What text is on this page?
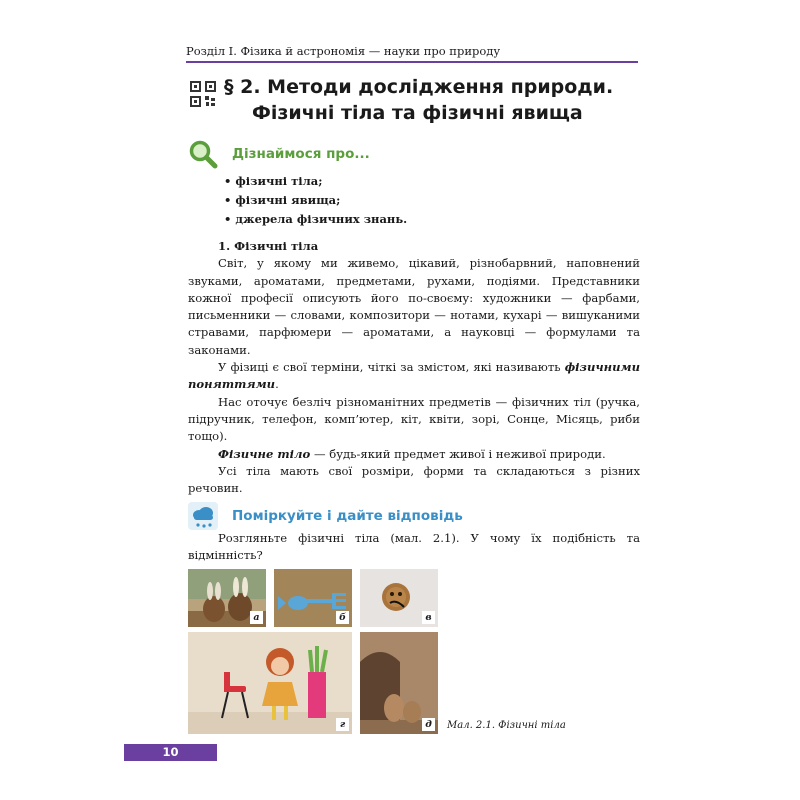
Розділ I. Фізика й астрономія — науки про природу
§ 2. Методи дослідження природи.
Фізичні тіла та фізичні явища
Дізнаймося про...
• фізичні тіла;
• фізичні явища;
• джерела фізичних знань.

1. Фізичні тіла

Світ, у якому ми живемо, цікавий, різнобарвний, наповнений звуками, ароматами, предметами, рухами, подіями. Представники кожної професії описують його по-своєму: художники — фарбами, письменники — словами, композитори — нотами, кухарі — вишуканими стравами, парфюмери — ароматами, а науковці — формулами та законами.

У фізиці є свої терміни, чіткі за змістом, які називають фізичними поняттями.

Нас оточує безліч різноманітних предметів — фізичних тіл (ручка, підручник, телефон, комп’ютер, кіт, квіти, зорі, Сонце, Місяць, риби тощо).

Фізичне тіло — будь-який предмет живої і неживої природи.

Усі тіла мають свої розміри, форми та складаються з різних речовин.

Поміркуйте і дайте відповідь

Розгляньте фізичні тіла (мал. 2.1). У чому їх подібність та відмінність?

а	б	в
г	д	Мал. 2.1. Фізичні тіла
10
